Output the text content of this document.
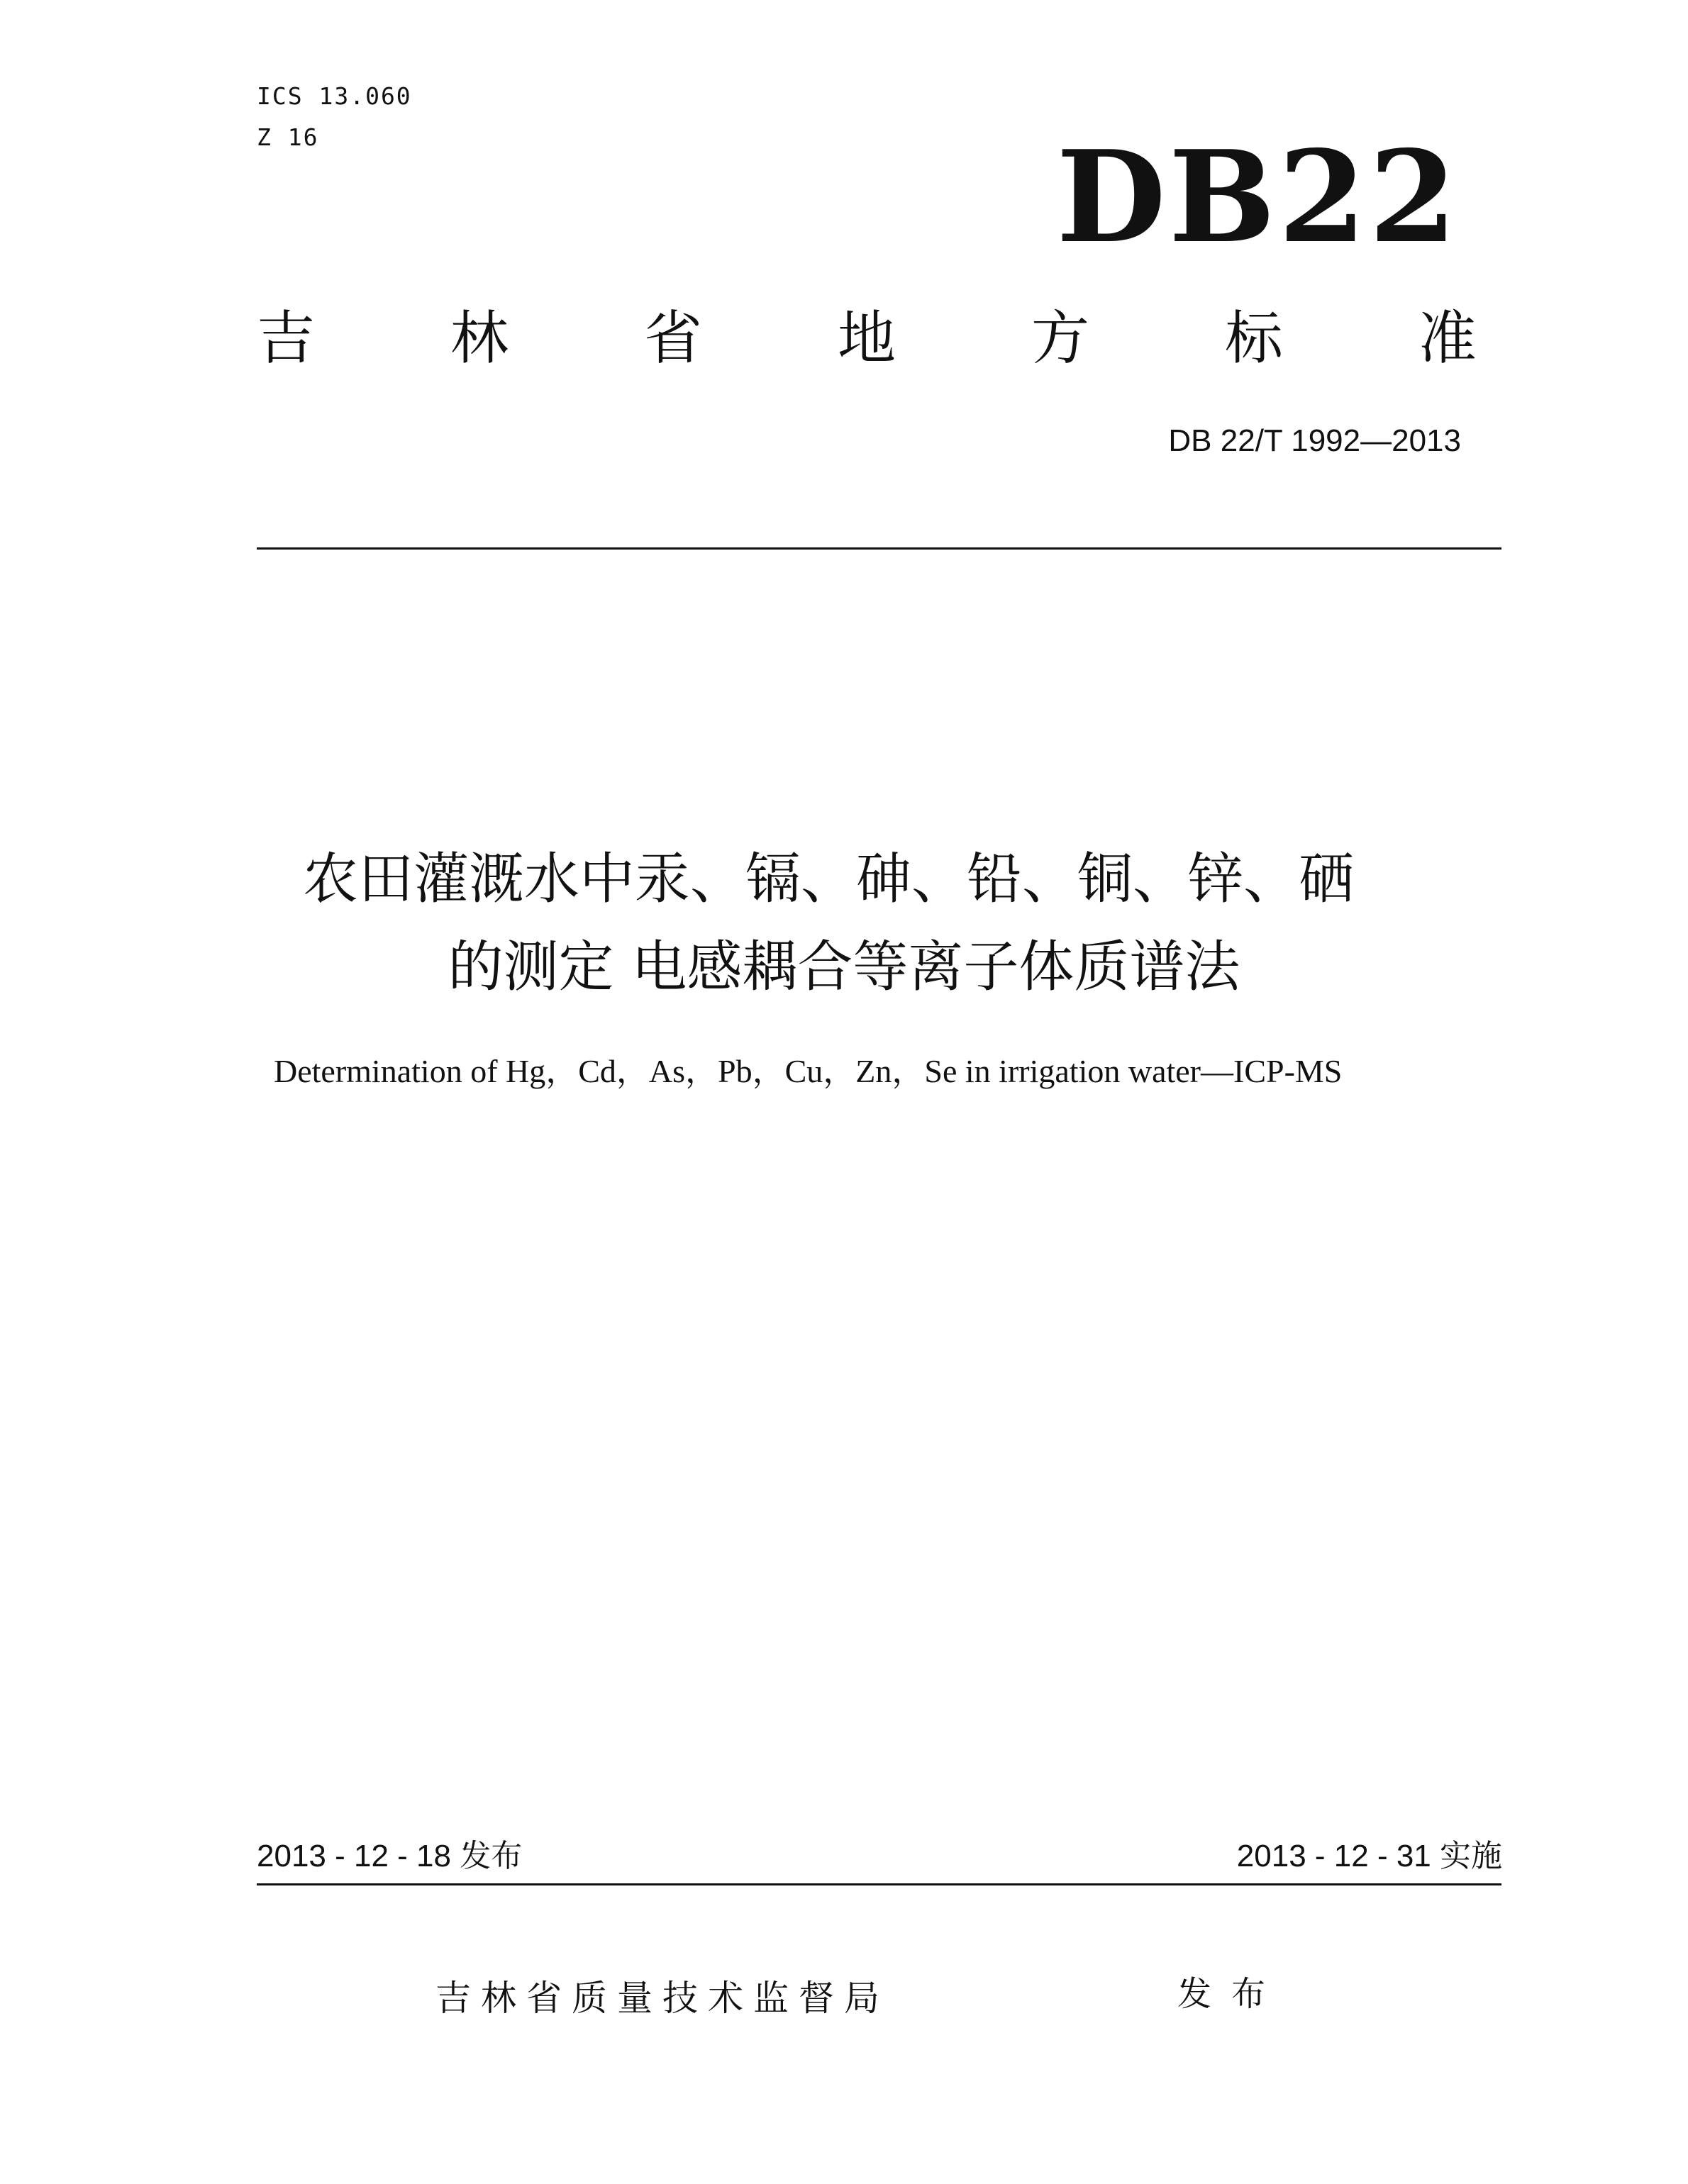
ICS 13.060
Z 16	DB22
吉 林 省 地 方 标 准
DB 22/T 1992—2013
农田灌溉水中汞、镉、砷、铅、铜、锌、硒
的测定 电感耦合等离子体质谱法
Determination of Hg，Cd，As，Pb，Cu，Zn，Se in irrigation water—ICP-MS
2013 - 12 - 18 发布	2013 - 12 - 31 实施
吉林省质量技术监督局	发布
